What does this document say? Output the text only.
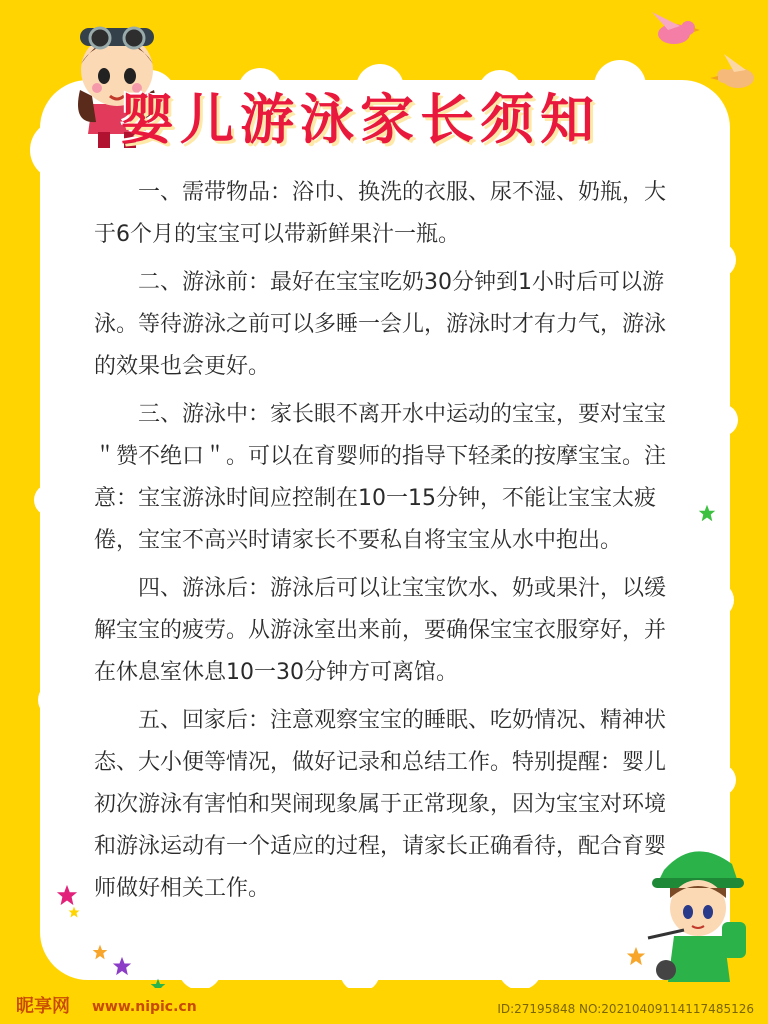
婴儿游泳家长须知

一、需带物品：浴巾、换洗的衣服、尿不湿、奶瓶，大于6个月的宝宝可以带新鲜果汁一瓶。

二、游泳前：最好在宝宝吃奶30分钟到1小时后可以游泳。等待游泳之前可以多睡一会儿，游泳时才有力气，游泳的效果也会更好。

三、游泳中：家长眼不离开水中运动的宝宝，要对宝宝＂赞不绝口＂。可以在育婴师的指导下轻柔的按摩宝宝。注意：宝宝游泳时间应控制在10一15分钟，不能让宝宝太疲倦，宝宝不高兴时请家长不要私自将宝宝从水中抱出。

四、游泳后：游泳后可以让宝宝饮水、奶或果汁，以缓解宝宝的疲劳。从游泳室出来前，要确保宝宝衣服穿好，并在休息室休息10一30分钟方可离馆。

五、回家后：注意观察宝宝的睡眠、吃奶情况、精神状态、大小便等情况，做好记录和总结工作。特别提醒：婴儿初次游泳有害怕和哭闹现象属于正常现象，因为宝宝对环境和游泳运动有一个适应的过程，请家长正确看待，配合育婴师做好相关工作。

昵享网 www.nipic.cn	ID:27195848 NO:20210409114117485126
